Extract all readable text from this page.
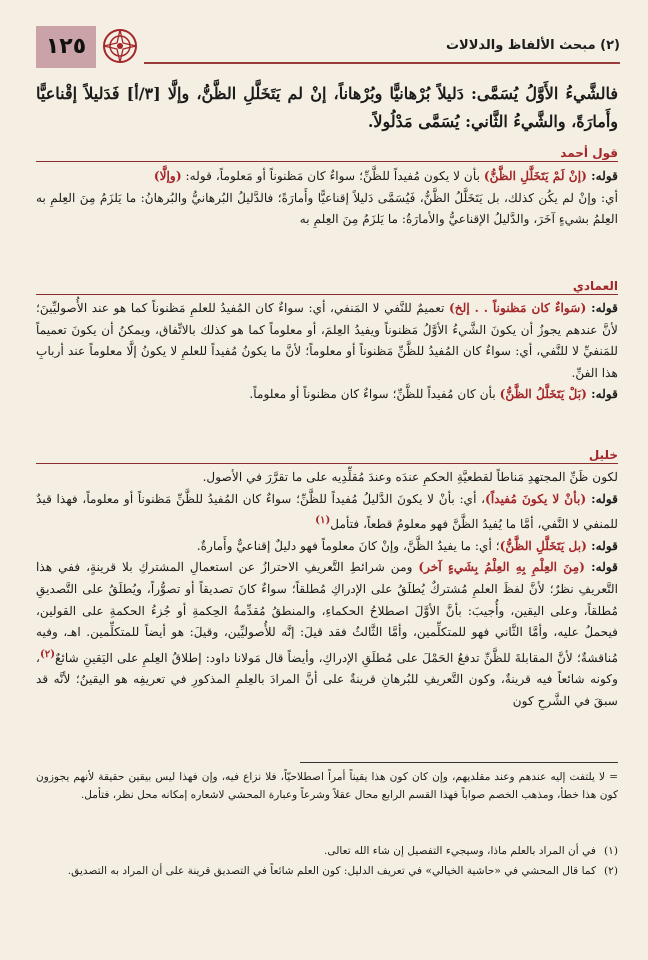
١٢٥	(٢) مبحث الألفاظ والدلالات
فالشَّيءُ الأَوَّلُ يُسَمَّى: دَليلاً بُرْهانيًّا وبُرْهاناً، إنْ لم يَتَخَلَّلِ الظَّنُّ، وإلَّا [٣/أ] فَدَليلاً إقْناعيًّا وأَمارَةً، والشَّيءُ الثَّاني: يُسَمَّى مَدْلُولاً.
قول أحمد
قوله: (إنْ لَمْ يَتَخَلَّلِ الظَّنُّ) بأن لا يكون مُفيداً للظَّنِّ؛ سواءٌ كان مَظنوناً أو مَعلوماً، قوله: (وإلَّا)
أي: وإنْ لم يكُن كذلك، بل يَتَخَلَّلُ الظَّنُّ، فَيُسَمَّى دَليلاً إقناعيًّا وأَمارَةً؛ فالدَّليلُ البُرهانيُّ والبُرهانُ: ما يَلزَمُ مِنَ العِلمِ به العِلمُ بشيءٍ آخَرَ، والدَّليلُ الإقناعيُّ والأمارَةُ: ما يَلزَمُ مِنَ العِلمِ به
العمادي
قوله: (سَواءٌ كان مَظنوناً . . إلخ) تعميمٌ للنَّفي لا المَنفي، أي: سواءٌ كان المُفيدُ للعلمِ مَظنوناً كما هو عند الأُصوليِّينَ؛ لأنَّ عندهم يجوزُ أن يكونَ الشَّيءُ الأوَّلُ مَظنوناً ويفيدُ العِلمَ، أو معلوماً كما هو كذلك بالاتِّفاق، ويمكنُ أن يكونَ تعميماً للمَنفيِّ لا للنَّفي، أي: سواءٌ كان المُفيدُ للظَّنِّ مَظنوناً أو معلوماً؛ لأنَّ ما يكونُ مُفيداً للعلمِ لا يكونُ إلَّا معلوماً عند أربابِ هذا الفنِّ.
قوله: (بَلْ يَتَخَلَّلُ الظَّنُّ) بأن كان مُفيداً للظَّنِّ؛ سواءٌ كان مظنوناً أو معلوماً.
خليل
لكون ظَنِّ المجتهدِ مَناطاً لقطعيَّةِ الحكمِ عندَه وعندَ مُقلِّدِيه على ما تقرَّرَ في الأصول.
قوله: (بأنْ لا يكونَ مُفيداً)، أي: بأنْ لا يكونَ الدَّليلُ مُفيداً للظَّنِّ؛ سواءٌ كان المُفيدُ للظَّنِّ مَظنوناً أو معلوماً، فهذا قيدٌ للمنفي لا النَّفي، أمَّا ما يُفيدُ الظَّنَّ فهو معلومٌ قطعاً، فتأمل$^{(١)}$
قوله: (بل يَتَخَلَّلِ الظَّنُّ)؛ أي: ما يفيدُ الظَّنَّ، وإنْ كانَ معلوماً فهو دليلٌ إقناعيٌّ وأَمارةٌ.
قوله: (مِنَ العِلْمِ بِهِ العِلْمُ بِشَيءٍ آخر) ومن شرائطِ التَّعريفِ الاحترازُ عن استعمالِ المشتركِ بلا قرينةٍ، ففي هذا التَّعريفِ نظرٌ؛ لأنَّ لفظَ العلمِ مُشتركٌ يُطلَقُ على الإدراكِ مُطلقاً؛ سواءٌ كانَ تصديقاً أو تصوُّراً، ويُطلَقُ على التَّصديقِ مُطلقاً، وعلى اليقين، وأُجيبَ: بأنَّ الأوَّلَ اصطلاحُ الحكماءِ، والمنطقُ مُقدِّمةُ الحِكمةِ أو جُزءُ الحكمةِ على القولين، فيحملُ عليه، وأمَّا الثَّاني فهو للمتكلِّمين، وأمَّا الثَّالثُ فقد قيلَ: إنَّه للأُصوليِّين، وقيلَ: هو أيضاً للمتكلِّمين. اهـ، وفيه مُناقشةٌ؛ لأنَّ المقابلةَ للظَّنِّ تدفعُ الحَمْلَ على مُطلَقِ الإدراكِ، وأيضاً قال مَولانا داود: إطلاقُ العِلمِ على اليَقينِ شائعٌ$^{(٢)}$، وكونه شائعاً فيه قرينةٌ، وكون التَّعريفِ للبُرهانِ قرينةٌ على أنَّ المرادَ بالعِلمِ المذكورِ في تعريفِه هو اليقينُ؛ لأنَّه قد سبقَ في الشَّرحِ كون
= لا يلتفت إليه عندهم وعند مقلديهم، وإن كان كون هذا يقيناً أمراً اصطلاحيّاً، فلا نزاع فيه، وإن فهذا ليس بيقين حقيقة لأنهم يجوزون كون هذا خطأ، ومذهب الخصم صواباً فهذا القسم الرابع محال عقلاً وشرعاً وعبارة المحشي لاشعاره إمكانه محل نظر، فتأمل.
(١)في أن المراد بالعلم ماذا، وسيجيء التفصيل إن شاء الله تعالى.
(٢)كما قال المحشي في «حاشية الخيالي» في تعريف الدليل: كون العلم شائعاً في التصديق قرينة على أن المراد به التصديق.
